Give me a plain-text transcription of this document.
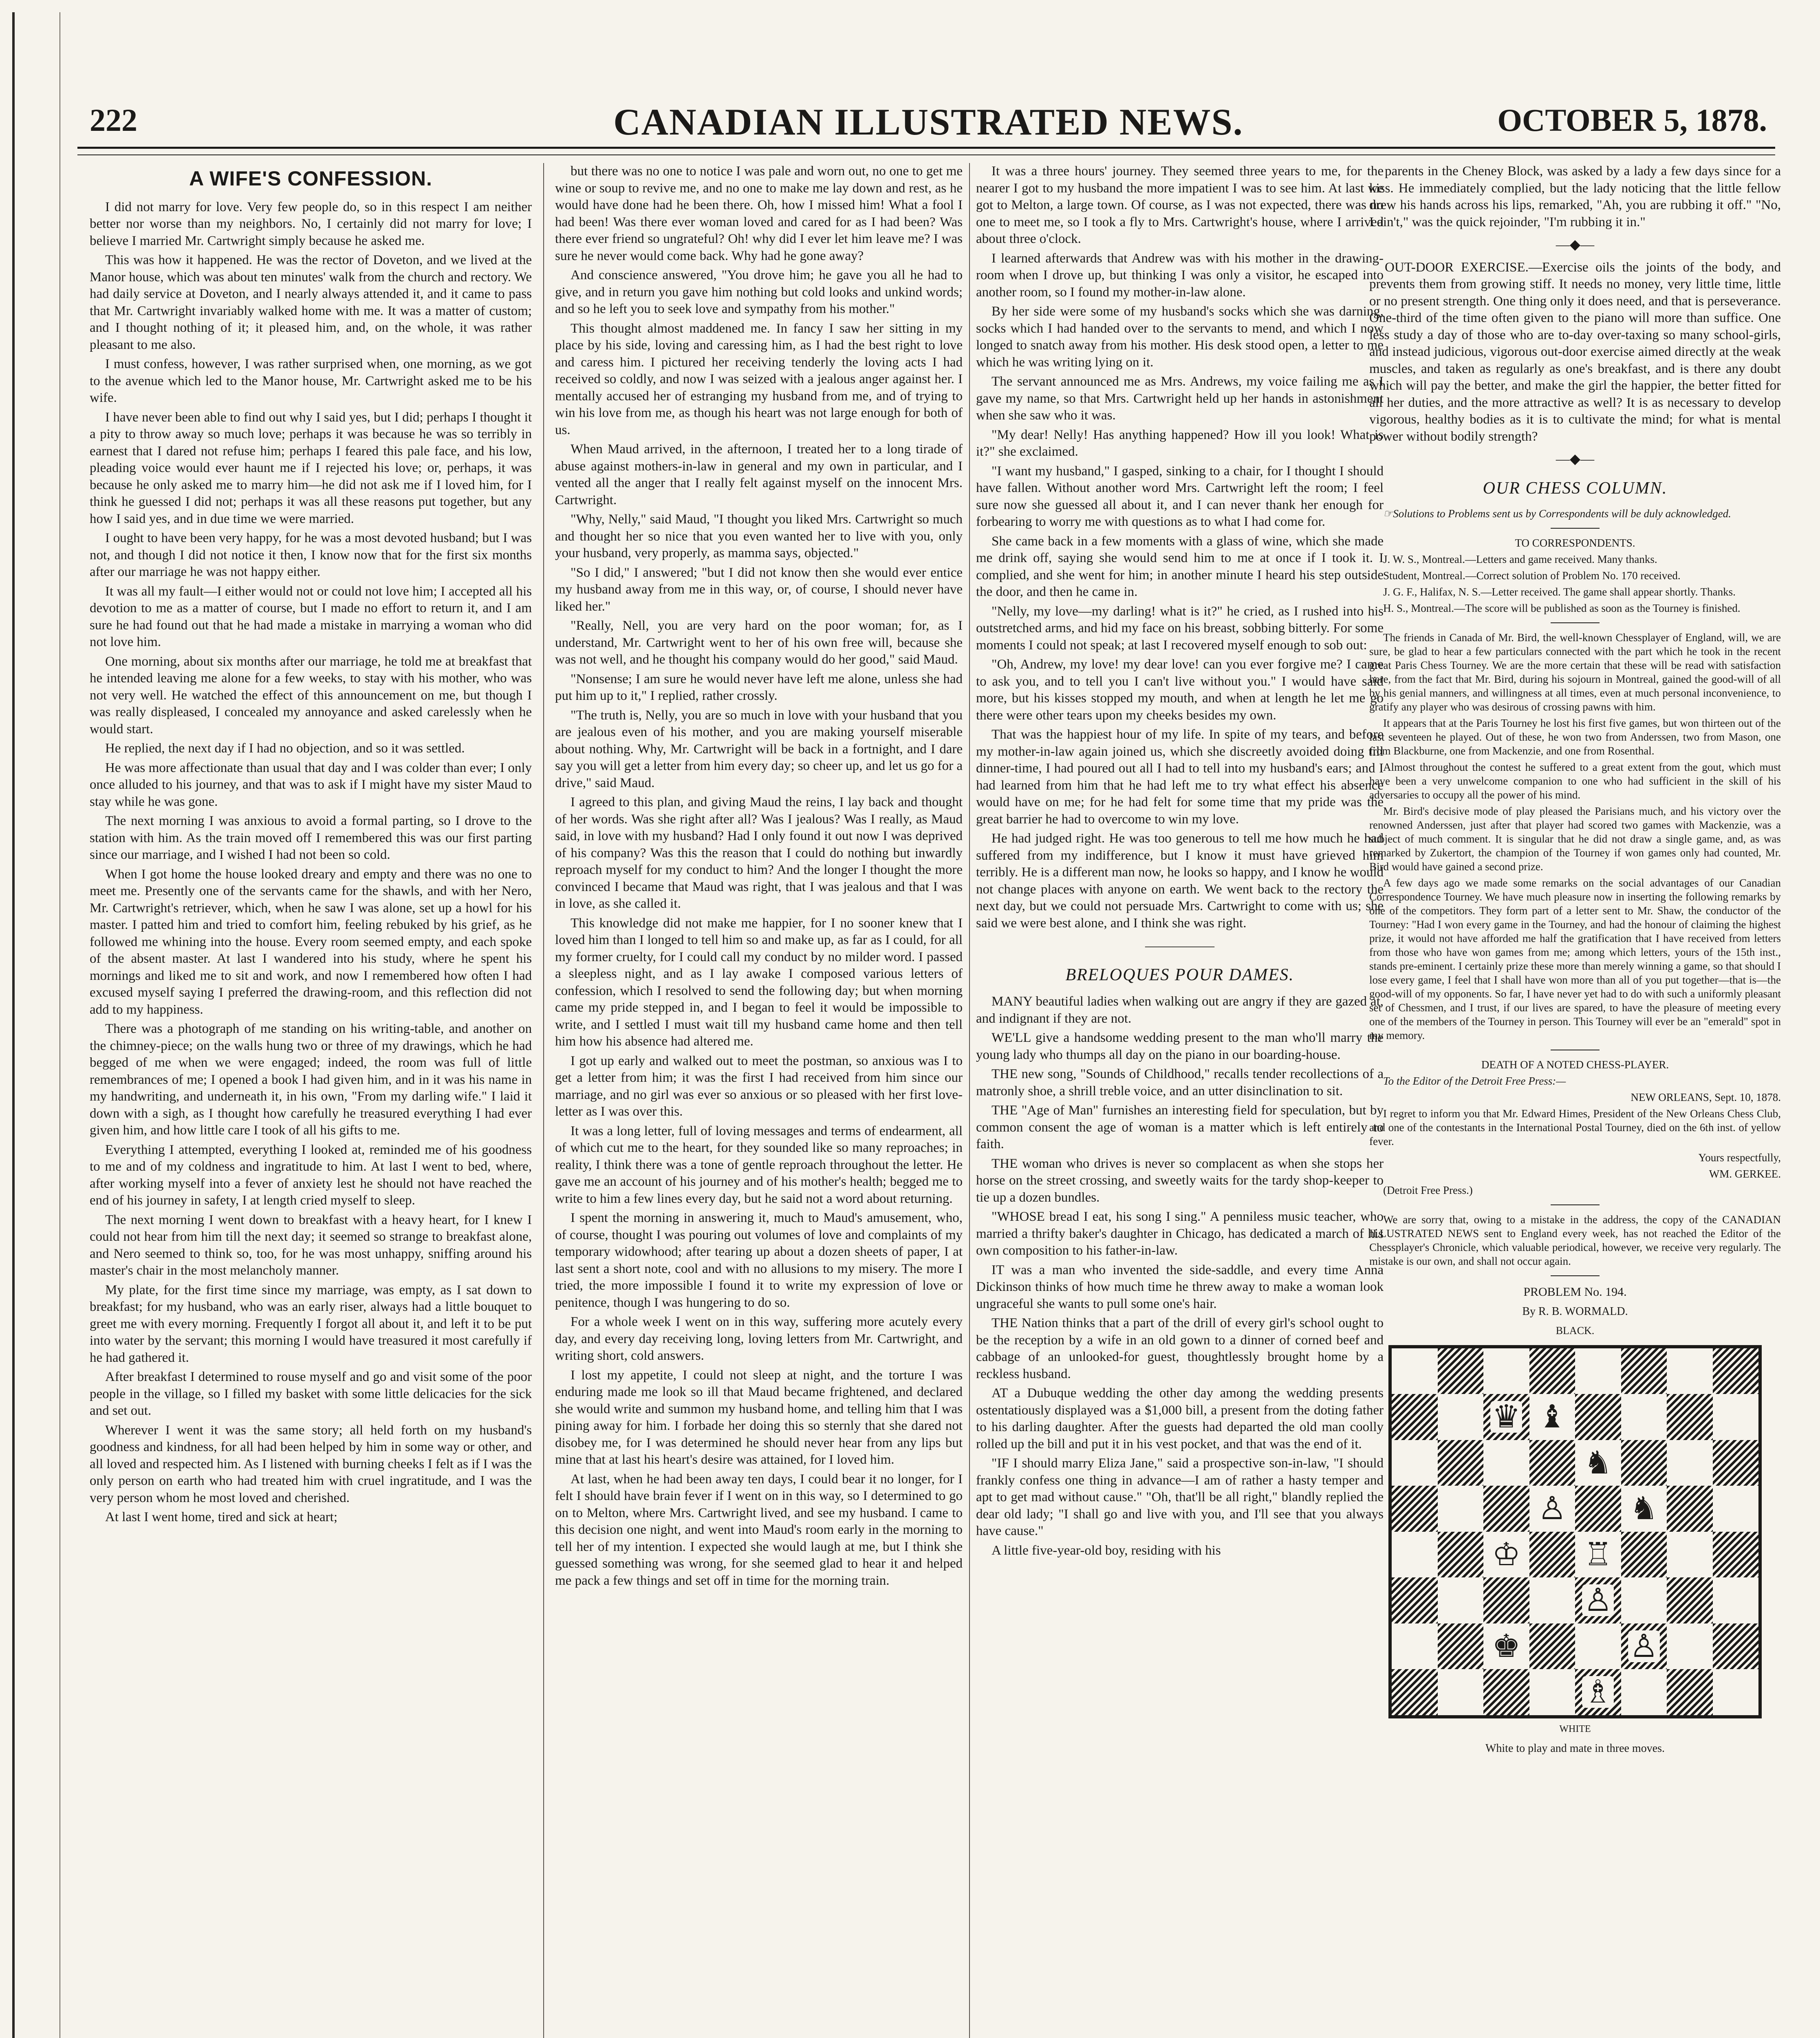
222	CANADIAN ILLUSTRATED NEWS.	OCTOBER 5, 1878.
A WIFE'S CONFESSION.

I did not marry for love. Very few people do, so in this respect I am neither better nor worse than my neighbors. No, I certainly did not marry for love; I believe I married Mr. Cartwright simply because he asked me.

This was how it happened. He was the rector of Doveton, and we lived at the Manor house, which was about ten minutes' walk from the church and rectory. We had daily service at Doveton, and I nearly always attended it, and it came to pass that Mr. Cartwright invariably walked home with me. It was a matter of custom; and I thought nothing of it; it pleased him, and, on the whole, it was rather pleasant to me also.

I must confess, however, I was rather surprised when, one morning, as we got to the avenue which led to the Manor house, Mr. Cartwright asked me to be his wife.

I have never been able to find out why I said yes, but I did; perhaps I thought it a pity to throw away so much love; perhaps it was because he was so terribly in earnest that I dared not refuse him; perhaps I feared this pale face, and his low, pleading voice would ever haunt me if I rejected his love; or, perhaps, it was because he only asked me to marry him—he did not ask me if I loved him, for I think he guessed I did not; perhaps it was all these reasons put together, but any how I said yes, and in due time we were married.

I ought to have been very happy, for he was a most devoted husband; but I was not, and though I did not notice it then, I know now that for the first six months after our marriage he was not happy either.

It was all my fault—I either would not or could not love him; I accepted all his devotion to me as a matter of course, but I made no effort to return it, and I am sure he had found out that he had made a mistake in marrying a woman who did not love him.

One morning, about six months after our marriage, he told me at breakfast that he intended leaving me alone for a few weeks, to stay with his mother, who was not very well. He watched the effect of this announcement on me, but though I was really displeased, I concealed my annoyance and asked carelessly when he would start.

He replied, the next day if I had no objection, and so it was settled.

He was more affectionate than usual that day and I was colder than ever; I only once alluded to his journey, and that was to ask if I might have my sister Maud to stay while he was gone.

The next morning I was anxious to avoid a formal parting, so I drove to the station with him. As the train moved off I remembered this was our first parting since our marriage, and I wished I had not been so cold.

When I got home the house looked dreary and empty and there was no one to meet me. Presently one of the servants came for the shawls, and with her Nero, Mr. Cartwright's retriever, which, when he saw I was alone, set up a howl for his master. I patted him and tried to comfort him, feeling rebuked by his grief, as he followed me whining into the house. Every room seemed empty, and each spoke of the absent master. At last I wandered into his study, where he spent his mornings and liked me to sit and work, and now I remembered how often I had excused myself saying I preferred the drawing-room, and this reflection did not add to my happiness.

There was a photograph of me standing on his writing-table, and another on the chimney-piece; on the walls hung two or three of my drawings, which he had begged of me when we were engaged; indeed, the room was full of little remembrances of me; I opened a book I had given him, and in it was his name in my handwriting, and underneath it, in his own, "From my darling wife." I laid it down with a sigh, as I thought how carefully he treasured everything I had ever given him, and how little care I took of all his gifts to me.

Everything I attempted, everything I looked at, reminded me of his goodness to me and of my coldness and ingratitude to him. At last I went to bed, where, after working myself into a fever of anxiety lest he should not have reached the end of his journey in safety, I at length cried myself to sleep.

The next morning I went down to breakfast with a heavy heart, for I knew I could not hear from him till the next day; it seemed so strange to breakfast alone, and Nero seemed to think so, too, for he was most unhappy, sniffing around his master's chair in the most melancholy manner.

My plate, for the first time since my marriage, was empty, as I sat down to breakfast; for my husband, who was an early riser, always had a little bouquet to greet me with every morning. Frequently I forgot all about it, and left it to be put into water by the servant; this morning I would have treasured it most carefully if he had gathered it.

After breakfast I determined to rouse myself and go and visit some of the poor people in the village, so I filled my basket with some little delicacies for the sick and set out.

Wherever I went it was the same story; all held forth on my husband's goodness and kindness, for all had been helped by him in some way or other, and all loved and respected him. As I listened with burning cheeks I felt as if I was the only person on earth who had treated him with cruel ingratitude, and I was the very person whom he most loved and cherished.

At last I went home, tired and sick at heart;

but there was no one to notice I was pale and worn out, no one to get me wine or soup to revive me, and no one to make me lay down and rest, as he would have done had he been there. Oh, how I missed him! What a fool I had been! Was there ever woman loved and cared for as I had been? Was there ever friend so ungrateful? Oh! why did I ever let him leave me? I was sure he never would come back. Why had he gone away?

And conscience answered, "You drove him; he gave you all he had to give, and in return you gave him nothing but cold looks and unkind words; and so he left you to seek love and sympathy from his mother."

This thought almost maddened me. In fancy I saw her sitting in my place by his side, loving and caressing him, as I had the best right to love and caress him. I pictured her receiving tenderly the loving acts I had received so coldly, and now I was seized with a jealous anger against her. I mentally accused her of estranging my husband from me, and of trying to win his love from me, as though his heart was not large enough for both of us.

When Maud arrived, in the afternoon, I treated her to a long tirade of abuse against mothers-in-law in general and my own in particular, and I vented all the anger that I really felt against myself on the innocent Mrs. Cartwright.

"Why, Nelly," said Maud, "I thought you liked Mrs. Cartwright so much and thought her so nice that you even wanted her to live with you, only your husband, very properly, as mamma says, objected."

"So I did," I answered; "but I did not know then she would ever entice my husband away from me in this way, or, of course, I should never have liked her."

"Really, Nell, you are very hard on the poor woman; for, as I understand, Mr. Cartwright went to her of his own free will, because she was not well, and he thought his company would do her good," said Maud.

"Nonsense; I am sure he would never have left me alone, unless she had put him up to it," I replied, rather crossly.

"The truth is, Nelly, you are so much in love with your husband that you are jealous even of his mother, and you are making yourself miserable about nothing. Why, Mr. Cartwright will be back in a fortnight, and I dare say you will get a letter from him every day; so cheer up, and let us go for a drive," said Maud.

I agreed to this plan, and giving Maud the reins, I lay back and thought of her words. Was she right after all? Was I jealous? Was I really, as Maud said, in love with my husband? Had I only found it out now I was deprived of his company? Was this the reason that I could do nothing but inwardly reproach myself for my conduct to him? And the longer I thought the more convinced I became that Maud was right, that I was jealous and that I was in love, as she called it.

This knowledge did not make me happier, for I no sooner knew that I loved him than I longed to tell him so and make up, as far as I could, for all my former cruelty, for I could call my conduct by no milder word. I passed a sleepless night, and as I lay awake I composed various letters of confession, which I resolved to send the following day; but when morning came my pride stepped in, and I began to feel it would be impossible to write, and I settled I must wait till my husband came home and then tell him how his absence had altered me.

I got up early and walked out to meet the postman, so anxious was I to get a letter from him; it was the first I had received from him since our marriage, and no girl was ever so anxious or so pleased with her first love-letter as I was over this.

It was a long letter, full of loving messages and terms of endearment, all of which cut me to the heart, for they sounded like so many reproaches; in reality, I think there was a tone of gentle reproach throughout the letter. He gave me an account of his journey and of his mother's health; begged me to write to him a few lines every day, but he said not a word about returning.

I spent the morning in answering it, much to Maud's amusement, who, of course, thought I was pouring out volumes of love and complaints of my temporary widowhood; after tearing up about a dozen sheets of paper, I at last sent a short note, cool and with no allusions to my misery. The more I tried, the more impossible I found it to write my expression of love or penitence, though I was hungering to do so.

For a whole week I went on in this way, suffering more acutely every day, and every day receiving long, loving letters from Mr. Cartwright, and writing short, cold answers.

I lost my appetite, I could not sleep at night, and the torture I was enduring made me look so ill that Maud became frightened, and declared she would write and summon my husband home, and telling him that I was pining away for him. I forbade her doing this so sternly that she dared not disobey me, for I was determined he should never hear from any lips but mine that at last his heart's desire was attained, for I loved him.

At last, when he had been away ten days, I could bear it no longer, for I felt I should have brain fever if I went on in this way, so I determined to go on to Melton, where Mrs. Cartwright lived, and see my husband. I came to this decision one night, and went into Maud's room early in the morning to tell her of my intention. I expected she would laugh at me, but I think she guessed something was wrong, for she seemed glad to hear it and helped me pack a few things and set off in time for the morning train.

It was a three hours' journey. They seemed three years to me, for the nearer I got to my husband the more impatient I was to see him. At last we got to Melton, a large town. Of course, as I was not expected, there was no one to meet me, so I took a fly to Mrs. Cartwright's house, where I arrived about three o'clock.

I learned afterwards that Andrew was with his mother in the drawing-room when I drove up, but thinking I was only a visitor, he escaped into another room, so I found my mother-in-law alone.

By her side were some of my husband's socks which she was darning, socks which I had handed over to the servants to mend, and which I now longed to snatch away from his mother. His desk stood open, a letter to me which he was writing lying on it.

The servant announced me as Mrs. Andrews, my voice failing me as I gave my name, so that Mrs. Cartwright held up her hands in astonishment when she saw who it was.

"My dear! Nelly! Has anything happened? How ill you look! What is it?" she exclaimed.

"I want my husband," I gasped, sinking to a chair, for I thought I should have fallen. Without another word Mrs. Cartwright left the room; I feel sure now she guessed all about it, and I can never thank her enough for forbearing to worry me with questions as to what I had come for.

She came back in a few moments with a glass of wine, which she made me drink off, saying she would send him to me at once if I took it. I complied, and she went for him; in another minute I heard his step outside the door, and then he came in.

"Nelly, my love—my darling! what is it?" he cried, as I rushed into his outstretched arms, and hid my face on his breast, sobbing bitterly. For some moments I could not speak; at last I recovered myself enough to sob out:

"Oh, Andrew, my love! my dear love! can you ever forgive me? I came to ask you, and to tell you I can't live without you." I would have said more, but his kisses stopped my mouth, and when at length he let me go there were other tears upon my cheeks besides my own.

That was the happiest hour of my life. In spite of my tears, and before my mother-in-law again joined us, which she discreetly avoided doing till dinner-time, I had poured out all I had to tell into my husband's ears; and I had learned from him that he had left me to try what effect his absence would have on me; for he had felt for some time that my pride was the great barrier he had to overcome to win my love.

He had judged right. He was too generous to tell me how much he had suffered from my indifference, but I know it must have grieved him terribly. He is a different man now, he looks so happy, and I know he would not change places with anyone on earth. We went back to the rectory the next day, but we could not persuade Mrs. Cartwright to come with us; she said we were best alone, and I think she was right.

—————
BRELOQUES POUR DAMES.

MANY beautiful ladies when walking out are angry if they are gazed at, and indignant if they are not.

WE'LL give a handsome wedding present to the man who'll marry the young lady who thumps all day on the piano in our boarding-house.

THE new song, "Sounds of Childhood," recalls tender recollections of a matronly shoe, a shrill treble voice, and an utter disinclination to sit.

THE "Age of Man" furnishes an interesting field for speculation, but by common consent the age of woman is a matter which is left entirely to faith.

THE woman who drives is never so complacent as when she stops her horse on the street crossing, and sweetly waits for the tardy shop-keeper to tie up a dozen bundles.

"WHOSE bread I eat, his song I sing." A penniless music teacher, who married a thrifty baker's daughter in Chicago, has dedicated a march of his own composition to his father-in-law.

IT was a man who invented the side-saddle, and every time Anna Dickinson thinks of how much time he threw away to make a woman look ungraceful she wants to pull some one's hair.

THE Nation thinks that a part of the drill of every girl's school ought to be the reception by a wife in an old gown to a dinner of corned beef and cabbage of an unlooked-for guest, thoughtlessly brought home by a reckless husband.

AT a Dubuque wedding the other day among the wedding presents ostentatiously displayed was a $1,000 bill, a present from the doting father to his darling daughter. After the guests had departed the old man coolly rolled up the bill and put it in his vest pocket, and that was the end of it.

"IF I should marry Eliza Jane," said a prospective son-in-law, "I should frankly confess one thing in advance—I am of rather a hasty temper and apt to get mad without cause." "Oh, that'll be all right," blandly replied the dear old lady; "I shall go and live with you, and I'll see that you always have cause."

A little five-year-old boy, residing with his

parents in the Cheney Block, was asked by a lady a few days since for a kiss. He immediately complied, but the lady noticing that the little fellow drew his hands across his lips, remarked, "Ah, you are rubbing it off." "No, I ain't," was the quick rejoinder, "I'm rubbing it in."

—◆—

OUT-DOOR EXERCISE.—Exercise oils the joints of the body, and prevents them from growing stiff. It needs no money, very little time, little or no present strength. One thing only it does need, and that is perseverance. One-third of the time often given to the piano will more than suffice. One less study a day of those who are to-day over-taxing so many school-girls, and instead judicious, vigorous out-door exercise aimed directly at the weak muscles, and taken as regularly as one's breakfast, and is there any doubt which will pay the better, and make the girl the happier, the better fitted for all her duties, and the more attractive as well? It is as necessary to develop vigorous, healthy bodies as it is to cultivate the mind; for what is mental power without bodily strength?

—◆—
OUR CHESS COLUMN.

☞Solutions to Problems sent us by Correspondents will be duly acknowledged.

TO CORRESPONDENTS.

J. W. S., Montreal.—Letters and game received. Many thanks.

Student, Montreal.—Correct solution of Problem No. 170 received.

J. G. F., Halifax, N. S.—Letter received. The game shall appear shortly. Thanks.

H. S., Montreal.—The score will be published as soon as the Tourney is finished.

The friends in Canada of Mr. Bird, the well-known Chessplayer of England, will, we are sure, be glad to hear a few particulars connected with the part which he took in the recent great Paris Chess Tourney. We are the more certain that these will be read with satisfaction here, from the fact that Mr. Bird, during his sojourn in Montreal, gained the good-will of all by his genial manners, and willingness at all times, even at much personal inconvenience, to gratify any player who was desirous of crossing pawns with him.

It appears that at the Paris Tourney he lost his first five games, but won thirteen out of the last seventeen he played. Out of these, he won two from Anderssen, two from Mason, one from Blackburne, one from Mackenzie, and one from Rosenthal.

Almost throughout the contest he suffered to a great extent from the gout, which must have been a very unwelcome companion to one who had sufficient in the skill of his adversaries to occupy all the power of his mind.

Mr. Bird's decisive mode of play pleased the Parisians much, and his victory over the renowned Anderssen, just after that player had scored two games with Mackenzie, was a subject of much comment. It is singular that he did not draw a single game, and, as was remarked by Zukertort, the champion of the Tourney if won games only had counted, Mr. Bird would have gained a second prize.

A few days ago we made some remarks on the social advantages of our Canadian Correspondence Tourney. We have much pleasure now in inserting the following remarks by one of the competitors. They form part of a letter sent to Mr. Shaw, the conductor of the Tourney: "Had I won every game in the Tourney, and had the honour of claiming the highest prize, it would not have afforded me half the gratification that I have received from letters from those who have won games from me; among which letters, yours of the 15th inst., stands pre-eminent. I certainly prize these more than merely winning a game, so that should I lose every game, I feel that I shall have won more than all of you put together—that is—the good-will of my opponents. So far, I have never yet had to do with such a uniformly pleasant set of Chessmen, and I trust, if our lives are spared, to have the pleasure of meeting every one of the members of the Tourney in person. This Tourney will ever be an "emerald" spot in my memory.

DEATH OF A NOTED CHESS-PLAYER.

To the Editor of the Detroit Free Press:—

NEW ORLEANS, Sept. 10, 1878.

I regret to inform you that Mr. Edward Himes, President of the New Orleans Chess Club, and one of the contestants in the International Postal Tourney, died on the 6th inst. of yellow fever.

Yours respectfully,

WM. GERKEE.

(Detroit Free Press.)

We are sorry that, owing to a mistake in the address, the copy of the CANADIAN ILLUSTRATED NEWS sent to England every week, has not reached the Editor of the Chessplayer's Chronicle, which valuable periodical, however, we receive very regularly. The mistake is our own, and shall not occur again.

PROBLEM No. 194.

By R. B. WORMALD.

BLACK.

♛ ♝
♞
♙ ♞
♔ ♖
♙
♚	♙
♗

WHITE

White to play and mate in three moves.
